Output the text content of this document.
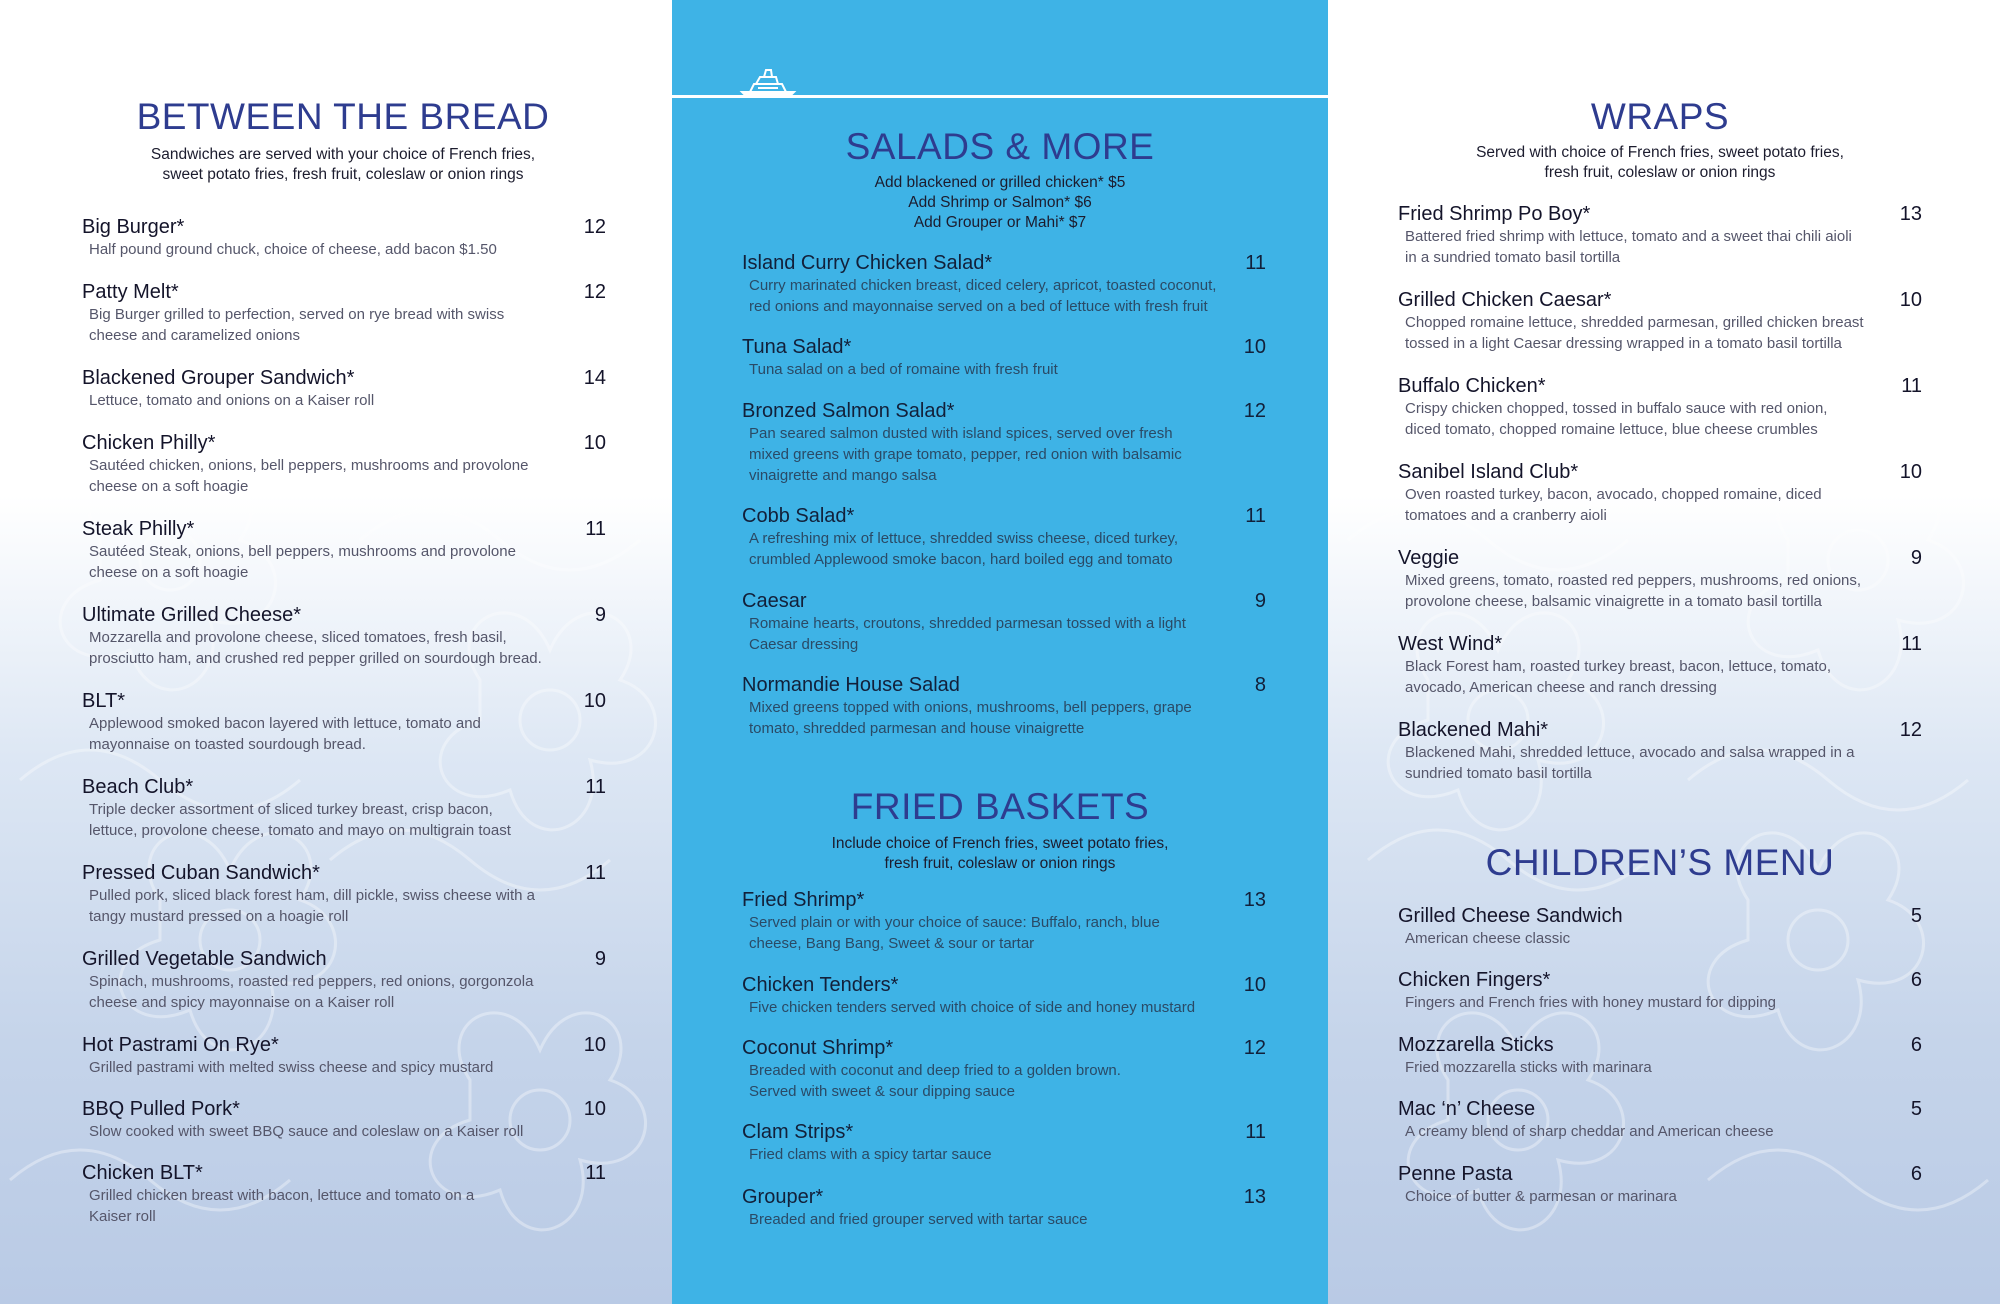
BETWEEN THE BREAD
Sandwiches are served with your choice of French fries,
sweet potato fries, fresh fruit, coleslaw or onion rings
Big Burger*	12
Half pound ground chuck, choice of cheese, add bacon $1.50
Patty Melt*	12
Big Burger grilled to perfection, served on rye bread with swiss
cheese and caramelized onions
Blackened Grouper Sandwich*	14
Lettuce, tomato and onions on a Kaiser roll
Chicken Philly*	10
Sautéed chicken, onions, bell peppers, mushrooms and provolone
cheese on a soft hoagie
Steak Philly*	11
Sautéed Steak, onions, bell peppers, mushrooms and provolone
cheese on a soft hoagie
Ultimate Grilled Cheese*	9
Mozzarella and provolone cheese, sliced tomatoes, fresh basil,
prosciutto ham, and crushed red pepper grilled on sourdough bread.
BLT*	10
Applewood smoked bacon layered with lettuce, tomato and
mayonnaise on toasted sourdough bread.
Beach Club*	11
Triple decker assortment of sliced turkey breast, crisp bacon,
lettuce, provolone cheese, tomato and mayo on multigrain toast
Pressed Cuban Sandwich*	11
Pulled pork, sliced black forest ham, dill pickle, swiss cheese with a
tangy mustard pressed on a hoagie roll
Grilled Vegetable Sandwich	9
Spinach, mushrooms, roasted red peppers, red onions, gorgonzola
cheese and spicy mayonnaise on a Kaiser roll
Hot Pastrami On Rye*	10
Grilled pastrami with melted swiss cheese and spicy mustard
BBQ Pulled Pork*	10
Slow cooked with sweet BBQ sauce and coleslaw on a Kaiser roll
Chicken BLT*	11
Grilled chicken breast with bacon, lettuce and tomato on a
Kaiser roll
SALADS & MORE
Add blackened or grilled chicken* $5
Add Shrimp or Salmon* $6
Add Grouper or Mahi* $7
Island Curry Chicken Salad*	11
Curry marinated chicken breast, diced celery, apricot, toasted coconut,
red onions and mayonnaise served on a bed of lettuce with fresh fruit
Tuna Salad*	10
Tuna salad on a bed of romaine with fresh fruit
Bronzed Salmon Salad*	12
Pan seared salmon dusted with island spices, served over fresh
mixed greens with grape tomato, pepper, red onion with balsamic
vinaigrette and mango salsa
Cobb Salad*	11
A refreshing mix of lettuce, shredded swiss cheese, diced turkey,
crumbled Applewood smoke bacon, hard boiled egg and tomato
Caesar	9
Romaine hearts, croutons, shredded parmesan tossed with a light
Caesar dressing
Normandie House Salad	8
Mixed greens topped with onions, mushrooms, bell peppers, grape
tomato, shredded parmesan and house vinaigrette
FRIED BASKETS
Include choice of French fries, sweet potato fries,
fresh fruit, coleslaw or onion rings
Fried Shrimp*	13
Served plain or with your choice of sauce: Buffalo, ranch, blue
cheese, Bang Bang, Sweet & sour or tartar
Chicken Tenders*	10
Five chicken tenders served with choice of side and honey mustard
Coconut Shrimp*	12
Breaded with coconut and deep fried to a golden brown.
Served with sweet & sour dipping sauce
Clam Strips*	11
Fried clams with a spicy tartar sauce
Grouper*	13
Breaded and fried grouper served with tartar sauce
WRAPS
Served with choice of French fries, sweet potato fries,
fresh fruit, coleslaw or onion rings
Fried Shrimp Po Boy*	13
Battered fried shrimp with lettuce, tomato and a sweet thai chili aioli
in a sundried tomato basil tortilla
Grilled Chicken Caesar*	10
Chopped romaine lettuce, shredded parmesan, grilled chicken breast
tossed in a light Caesar dressing wrapped in a tomato basil tortilla
Buffalo Chicken*	11
Crispy chicken chopped, tossed in buffalo sauce with red onion,
diced tomato, chopped romaine lettuce, blue cheese crumbles
Sanibel Island Club*	10
Oven roasted turkey, bacon, avocado, chopped romaine, diced
tomatoes and a cranberry aioli
Veggie	9
Mixed greens, tomato, roasted red peppers, mushrooms, red onions,
provolone cheese, balsamic vinaigrette in a tomato basil tortilla
West Wind*	11
Black Forest ham, roasted turkey breast, bacon, lettuce, tomato,
avocado, American cheese and ranch dressing
Blackened Mahi*	12
Blackened Mahi, shredded lettuce, avocado and salsa wrapped in a
sundried tomato basil tortilla
CHILDREN’S MENU
Grilled Cheese Sandwich	5
American cheese classic
Chicken Fingers*	6
Fingers and French fries with honey mustard for dipping
Mozzarella Sticks	6
Fried mozzarella sticks with marinara
Mac ‘n’ Cheese	5
A creamy blend of sharp cheddar and American cheese
Penne Pasta	6
Choice of butter & parmesan or marinara
